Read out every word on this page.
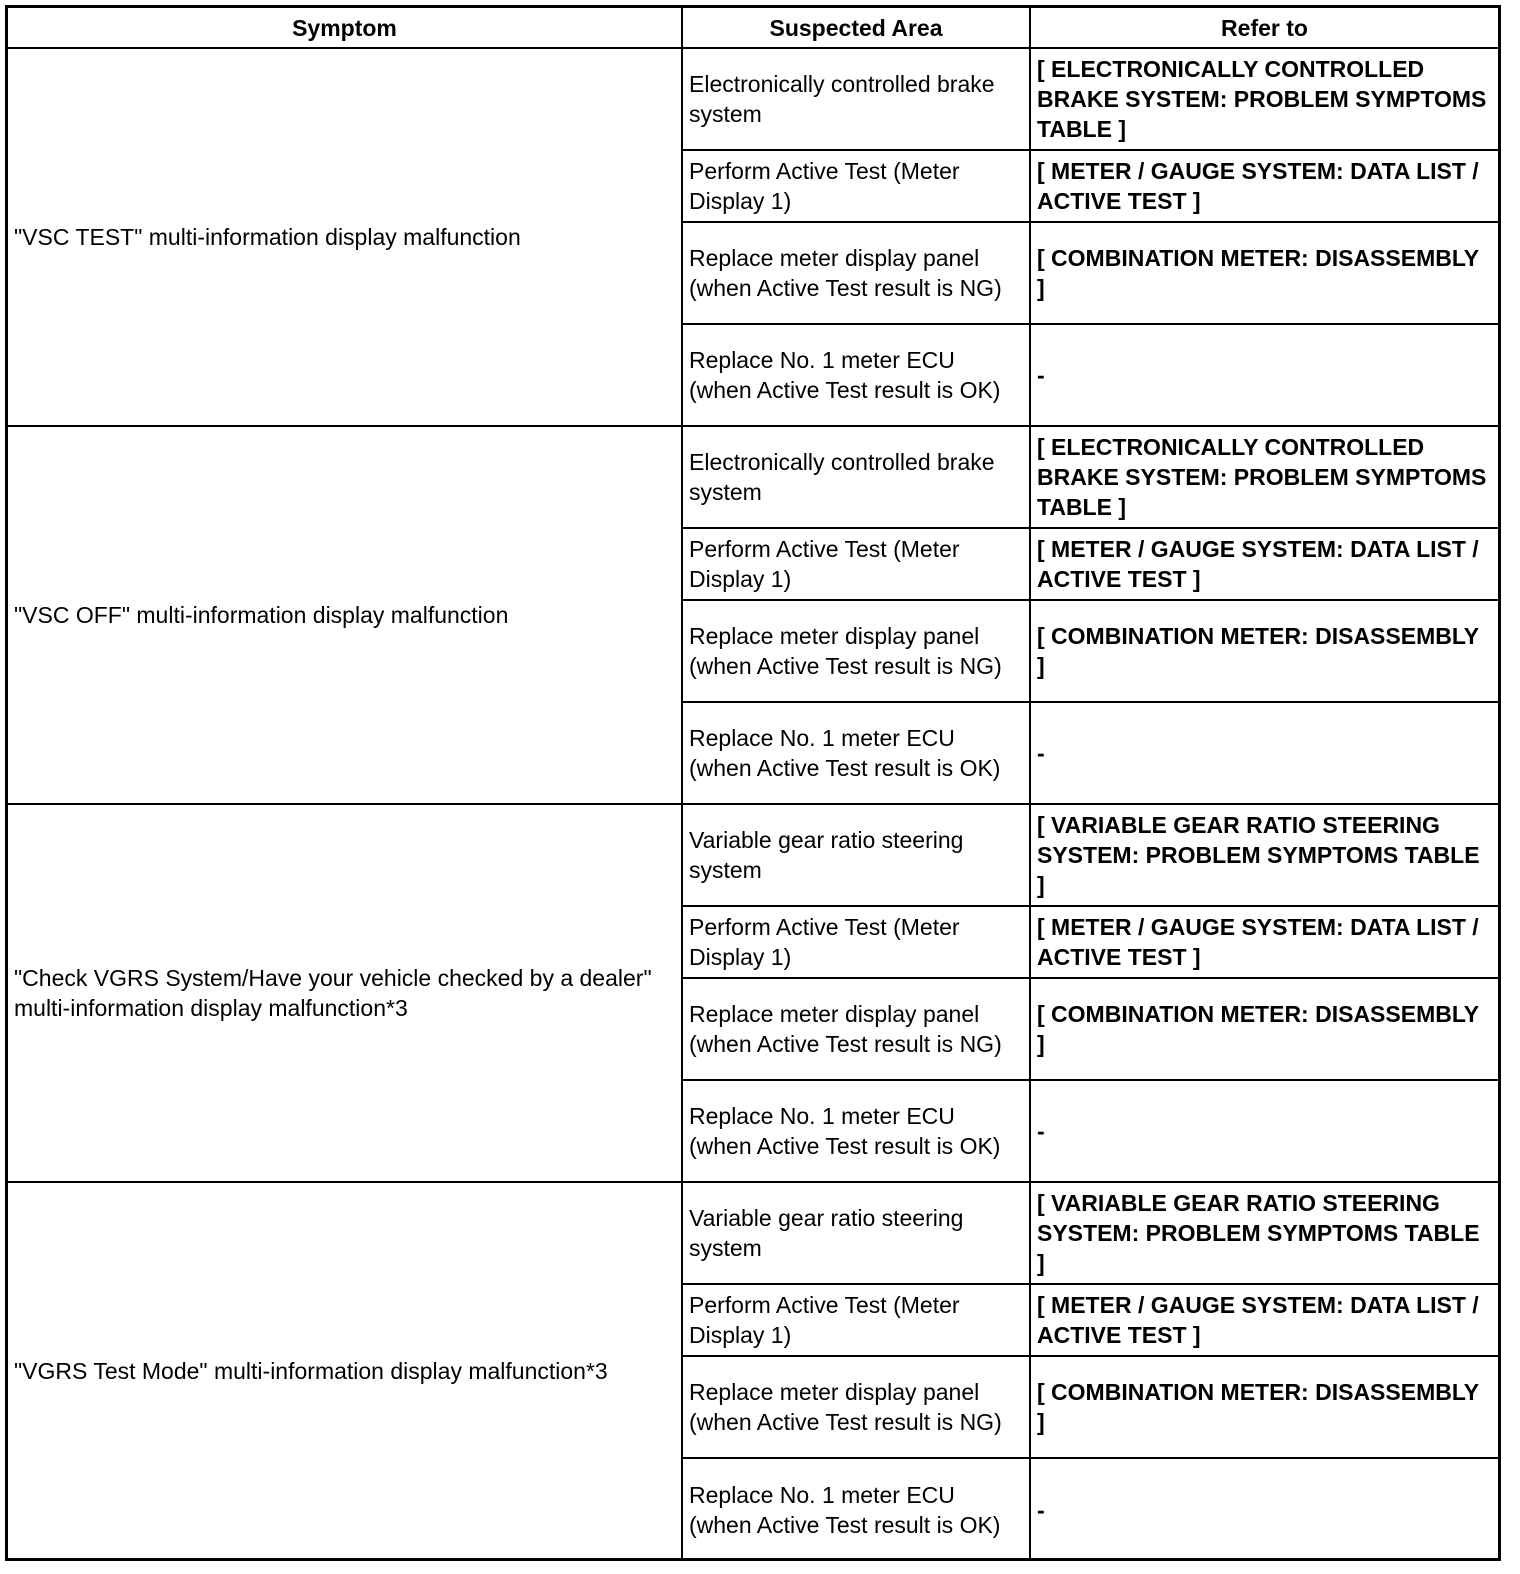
Symptom	Suspected Area	Refer to
"VSC TEST" multi-information display malfunction	Electronically controlled brake system	[ ELECTRONICALLY CONTROLLED BRAKE SYSTEM: PROBLEM SYMPTOMS TABLE ]
	Perform Active Test (Meter Display 1)	[ METER / GAUGE SYSTEM: DATA LIST / ACTIVE TEST ]
	Replace meter display panel (when Active Test result is NG)	[ COMBINATION METER: DISASSEMBLY ]
	Replace No. 1 meter ECU (when Active Test result is OK)	-
"VSC OFF" multi-information display malfunction	Electronically controlled brake system	[ ELECTRONICALLY CONTROLLED BRAKE SYSTEM: PROBLEM SYMPTOMS TABLE ]
	Perform Active Test (Meter Display 1)	[ METER / GAUGE SYSTEM: DATA LIST / ACTIVE TEST ]
	Replace meter display panel (when Active Test result is NG)	[ COMBINATION METER: DISASSEMBLY ]
	Replace No. 1 meter ECU (when Active Test result is OK)	-
"Check VGRS System/Have your vehicle checked by a dealer" multi-information display malfunction*3	Variable gear ratio steering system	[ VARIABLE GEAR RATIO STEERING SYSTEM: PROBLEM SYMPTOMS TABLE ]
	Perform Active Test (Meter Display 1)	[ METER / GAUGE SYSTEM: DATA LIST / ACTIVE TEST ]
	Replace meter display panel (when Active Test result is NG)	[ COMBINATION METER: DISASSEMBLY ]
	Replace No. 1 meter ECU (when Active Test result is OK)	-
"VGRS Test Mode" multi-information display malfunction*3	Variable gear ratio steering system	[ VARIABLE GEAR RATIO STEERING SYSTEM: PROBLEM SYMPTOMS TABLE ]
	Perform Active Test (Meter Display 1)	[ METER / GAUGE SYSTEM: DATA LIST / ACTIVE TEST ]
	Replace meter display panel (when Active Test result is NG)	[ COMBINATION METER: DISASSEMBLY ]
	Replace No. 1 meter ECU (when Active Test result is OK)	-
